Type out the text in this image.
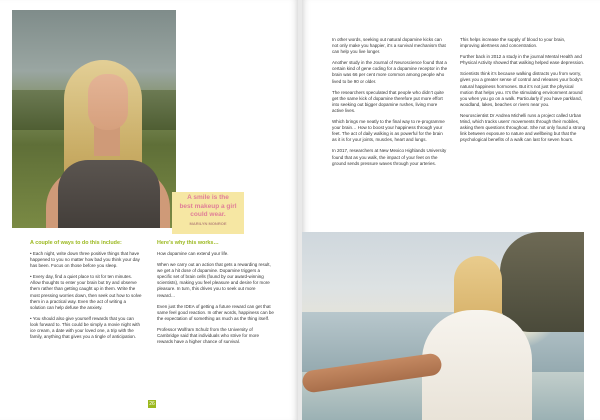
A smile is the
best makeup a girl
could wear.
MARILYN MONROE
A couple of ways to do this include:

• Each night, write down three positive things that have happened to you no matter how bad you think your day has been. Focus on those before you sleep.

• Every day, find a quiet place to sit for ten minutes. Allow thoughts to enter your brain but try and observe them rather than getting caught up in them. Write the most pressing worries down, then seek out how to solve them in a practical way. Even the act of writing a solution can help defuse the anxiety.

• You should also give yourself rewards that you can look forward to. This could be simply a movie night with ice cream, a date with your loved one, a trip with the family, anything that gives you a tingle of anticipation.

Here’s why this works…

How dopamine can extend your life.

When we carry out an action that gets a rewarding result, we get a hit dose of dopamine. Dopamine triggers a specific set of brain cells (found by our award-winning scientists), making you feel pleasure and desire for more pleasure. In turn, this drives you to seek out more reward…

Even just the IDEA of getting a future reward can get that same feel good reaction. In other words, happiness can be the expectation of something as much as the thing itself.

Professor Wolfram Schulz from the University of Cambridge said that individuals who strive for more rewards have a higher chance of survival.

26

In other words, seeking out natural dopamine kicks can not only make you happier, it’s a survival mechanism that can help you live longer.

Another study in the Journal of Neuroscience found that a certain kind of gene coding for a dopamine receptor in the brain was 66 per cent more common among people who lived to be 90 or older.

The researchers speculated that people who didn’t quite get the same kick of dopamine therefore put more effort into seeking out bigger dopamine rushes, living more active lives.

Which brings me neatly to the final way to re-programme your brain… How to boost your happiness through your feet. The act of daily walking is as powerful for the brain as it is for your joints, muscles, heart and lungs.

In 2017, researchers at New Mexico Highlands University found that as you walk, the impact of your feet on the ground sends pressure waves through your arteries.

This helps increase the supply of blood to your brain, improving alertness and concentration.

Further back in 2012 a study in the journal Mental Health and Physical Activity showed that walking helped ease depression.

Scientists think it’s because walking distracts you from worry, gives you a greater sense of control and releases your body’s natural happiness hormones. But it’s not just the physical motion that helps you. It’s the stimulating environment around you when you go on a walk. Particularly if you have parkland, woodland, lakes, beaches or rivers near you.

Neuroscientist Dr Andrea Michelli runs a project called Urban Mind, which tracks users’ movements through their mobiles, asking them questions throughout. She not only found a strong link between exposure to nature and wellbeing but that the psychological benefits of a walk can last for seven hours.
